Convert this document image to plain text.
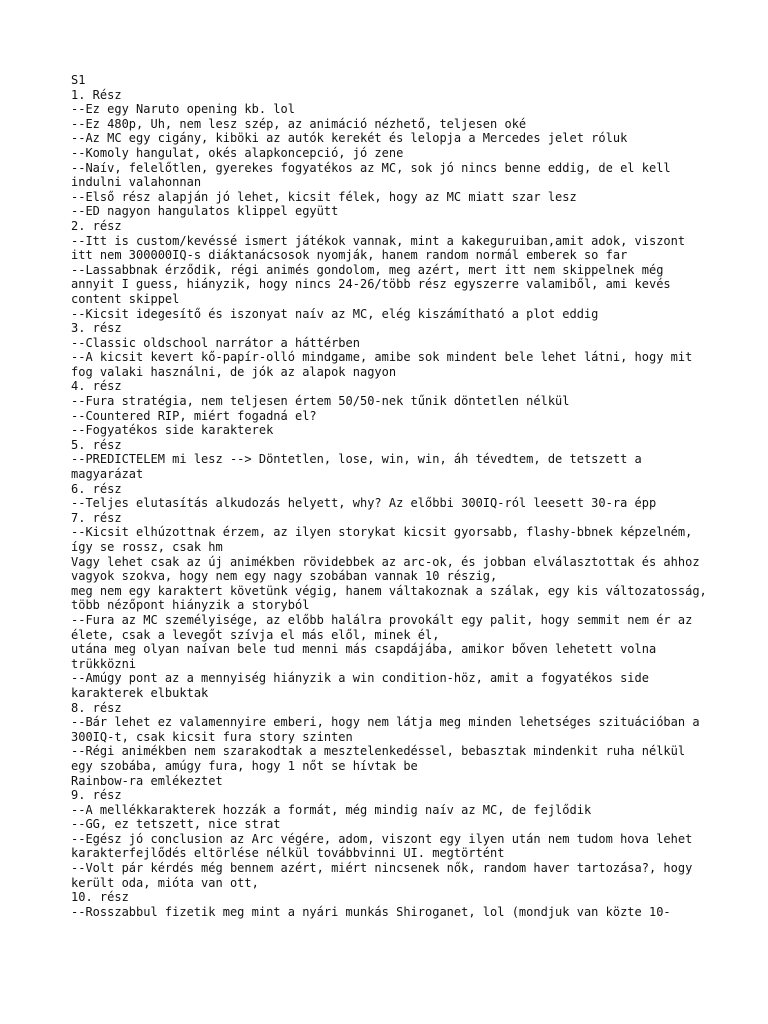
S1
1. Rész
--Ez egy Naruto opening kb. lol
--Ez 480p, Uh, nem lesz szép, az animáció nézhető, teljesen oké
--Az MC egy cigány, kiböki az autók kerekét és lelopja a Mercedes jelet róluk
--Komoly hangulat, okés alapkoncepció, jó zene
--Naív, felelőtlen, gyerekes fogyatékos az MC, sok jó nincs benne eddig, de el kell indulni valahonnan
--Első rész alapján jó lehet, kicsit félek, hogy az MC miatt szar lesz
--ED nagyon hangulatos klippel együtt
2. rész
--Itt is custom/kevéssé ismert játékok vannak, mint a kakeguruiban,amit adok, viszont itt nem 300000IQ-s diáktanácsosok nyomják, hanem random normál emberek so far
--Lassabbnak érződik, régi animés gondolom, meg azért, mert itt nem skippelnek még annyit I guess, hiányzik, hogy nincs 24-26/több rész egyszerre valamiből, ami kevés content skippel
--Kicsit idegesítő és iszonyat naív az MC, elég kiszámítható a plot eddig
3. rész
--Classic oldschool narrátor a háttérben
--A kicsit kevert kő-papír-olló mindgame, amibe sok mindent bele lehet látni, hogy mit fog valaki használni, de jók az alapok nagyon
4. rész
--Fura stratégia, nem teljesen értem 50/50-nek tűnik döntetlen nélkül
--Countered RIP, miért fogadná el?
--Fogyatékos side karakterek
5. rész
--PREDICTELEM mi lesz --> Döntetlen, lose, win, win, áh tévedtem, de tetszett a magyarázat
6. rész
--Teljes elutasítás alkudozás helyett, why? Az előbbi 300IQ-ról leesett 30-ra épp
7. rész
--Kicsit elhúzottnak érzem, az ilyen storykat kicsit gyorsabb, flashy-bbnek képzelném, így se rossz, csak hm
Vagy lehet csak az új animékben rövidebbek az arc-ok, és jobban elválasztottak és ahhoz vagyok szokva, hogy nem egy nagy szobában vannak 10 részig,
meg nem egy karaktert követünk végig, hanem váltakoznak a szálak, egy kis változatosság, több nézőpont hiányzik a storyból
--Fura az MC személyisége, az előbb halálra provokált egy palit, hogy semmit nem ér az élete, csak a levegőt szívja el más elől, minek él,
utána meg olyan naívan bele tud menni más csapdájába, amikor bőven lehetett volna trükközni
--Amúgy pont az a mennyiség hiányzik a win condition-höz, amit a fogyatékos side karakterek elbuktak
8. rész
--Bár lehet ez valamennyire emberi, hogy nem látja meg minden lehetséges szituációban a 300IQ-t, csak kicsit fura story szinten
--Régi animékben nem szarakodtak a mesztelenkedéssel, bebasztak mindenkit ruha nélkül egy szobába, amúgy fura, hogy 1 nőt se hívtak be
Rainbow-ra emlékeztet
9. rész
--A mellékkarakterek hozzák a formát, még mindig naív az MC, de fejlődik
--GG, ez tetszett, nice strat
--Egész jó conclusion az Arc végére, adom, viszont egy ilyen után nem tudom hova lehet karakterfejlődés eltörlése nélkül továbbvinni UI. megtörtént
--Volt pár kérdés még bennem azért, miért nincsenek nők, random haver tartozása?, hogy került oda, mióta van ott,
10. rész
--Rosszabbul fizetik meg mint a nyári munkás Shiroganet, lol (mondjuk van közte 10-
